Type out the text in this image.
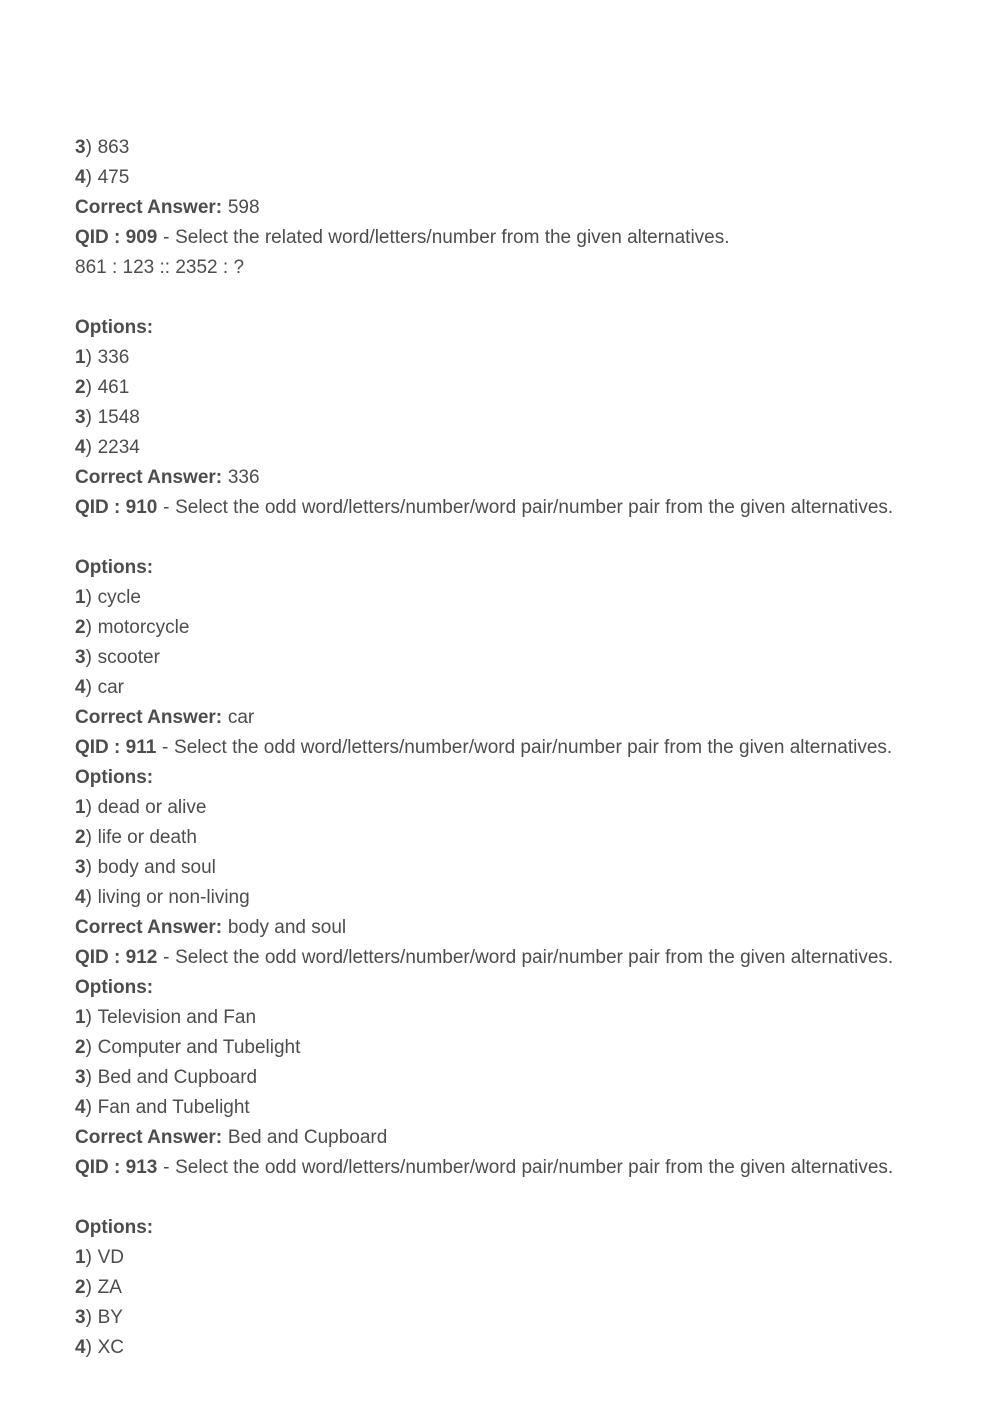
3) 863
4) 475
Correct Answer: 598
QID : 909 - Select the related word/letters/number from the given alternatives.
861 : 123 :: 2352 : ?
Options:
1) 336
2) 461
3) 1548
4) 2234
Correct Answer: 336
QID : 910 - Select the odd word/letters/number/word pair/number pair from the given alternatives.
Options:
1) cycle
2) motorcycle
3) scooter
4) car
Correct Answer: car
QID : 911 - Select the odd word/letters/number/word pair/number pair from the given alternatives.
Options:
1) dead or alive
2) life or death
3) body and soul
4) living or non-living
Correct Answer: body and soul
QID : 912 - Select the odd word/letters/number/word pair/number pair from the given alternatives.
Options:
1) Television and Fan
2) Computer and Tubelight
3) Bed and Cupboard
4) Fan and Tubelight
Correct Answer: Bed and Cupboard
QID : 913 - Select the odd word/letters/number/word pair/number pair from the given alternatives.
Options:
1) VD
2) ZA
3) BY
4) XC
